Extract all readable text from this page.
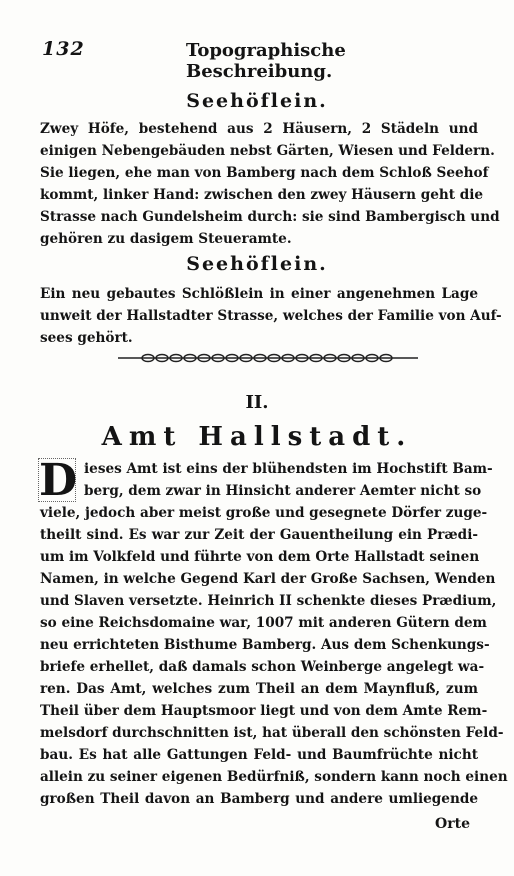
132	Topographische Beschreibung.
Seehöflein.

Zwey Höfe, bestehend aus 2 Häusern, 2 Städeln und
einigen Nebengebäuden nebst Gärten, Wiesen und Feldern.
Sie liegen, ehe man von Bamberg nach dem Schloß Seehof
kommt, linker Hand: zwischen den zwey Häusern geht die
Strasse nach Gundelsheim durch: sie sind Bambergisch und
gehören zu dasigem Steueramte.

Seehöflein.

Ein neu gebautes Schlößlein in einer angenehmen Lage
unweit der Hallstadter Strasse, welches der Familie von Auf-
sees gehört.

II.
Amt Hallstadt.
D ieses Amt ist eins der blühendsten im Hochstift Bam-
berg, dem zwar in Hinsicht anderer Aemter nicht so
viele, jedoch aber meist große und gesegnete Dörfer zuge-
theilt sind. Es war zur Zeit der Gauentheilung ein Prædi-
um im Volkfeld und führte von dem Orte Hallstadt seinen
Namen, in welche Gegend Karl der Große Sachsen, Wenden
und Slaven versetzte. Heinrich II schenkte dieses Prædium,
so eine Reichsdomaine war, 1007 mit anderen Gütern dem
neu errichteten Bisthume Bamberg. Aus dem Schenkungs-
briefe erhellet, daß damals schon Weinberge angelegt wa-
ren. Das Amt, welches zum Theil an dem Maynfluß, zum
Theil über dem Hauptsmoor liegt und von dem Amte Rem-
melsdorf durchschnitten ist, hat überall den schönsten Feld-
bau. Es hat alle Gattungen Feld- und Baumfrüchte nicht
allein zu seiner eigenen Bedürfniß, sondern kann noch einen
großen Theil davon an Bamberg und andere umliegende

Orte
